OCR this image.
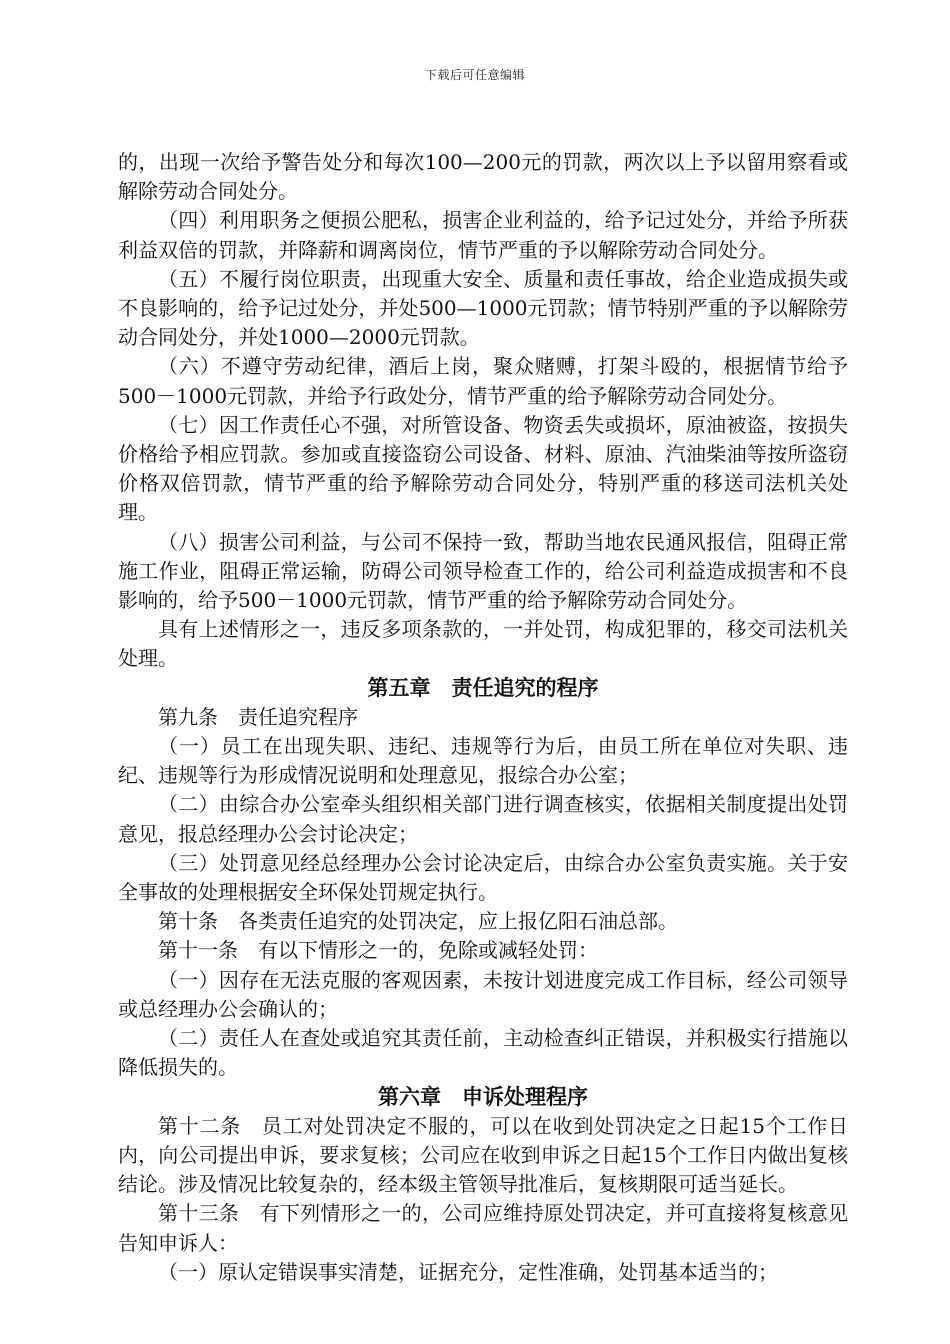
下载后可任意编辑

的，出现一次给予警告处分和每次100—200元的罚款，两次以上予以留用察看或解除劳动合同处分。

（四）利用职务之便损公肥私，损害企业利益的，给予记过处分，并给予所获利益双倍的罚款，并降薪和调离岗位，情节严重的予以解除劳动合同处分。

（五）不履行岗位职责，出现重大安全、质量和责任事故，给企业造成损失或不良影响的，给予记过处分，并处500—1000元罚款；情节特别严重的予以解除劳动合同处分，并处1000—2000元罚款。

（六）不遵守劳动纪律，酒后上岗，聚众赌赙，打架斗殴的，根据情节给予500－1000元罚款，并给予行政处分，情节严重的给予解除劳动合同处分。

（七）因工作责任心不强，对所管设备、物资丢失或损坏，原油被盗，按损失价格给予相应罚款。参加或直接盗窃公司设备、材料、原油、汽油柴油等按所盗窃价格双倍罚款，情节严重的给予解除劳动合同处分，特别严重的移送司法机关处理。

（八）损害公司利益，与公司不保持一致，帮助当地农民通风报信，阻碍正常施工作业，阻碍正常运输，防碍公司领导检查工作的，给公司利益造成损害和不良影响的，给予500－1000元罚款，情节严重的给予解除劳动合同处分。

具有上述情形之一，违反多项条款的，一并处罚，构成犯罪的，移交司法机关处理。

第五章　责任追究的程序

第九条　责任追究程序

（一）员工在出现失职、违纪、违规等行为后，由员工所在单位对失职、违纪、违规等行为形成情况说明和处理意见，报综合办公室；

（二）由综合办公室牵头组织相关部门进行调查核实，依据相关制度提出处罚意见，报总经理办公会讨论决定；

（三）处罚意见经总经理办公会讨论决定后，由综合办公室负责实施。关于安全事故的处理根据安全环保处罚规定执行。

第十条　各类责任追究的处罚决定，应上报亿阳石油总部。

第十一条　有以下情形之一的，免除或减轻处罚：

（一）因存在无法克服的客观因素，未按计划进度完成工作目标，经公司领导或总经理办公会确认的；

（二）责任人在查处或追究其责任前，主动检查纠正错误，并积极实行措施以降低损失的。

第六章　申诉处理程序

第十二条　员工对处罚决定不服的，可以在收到处罚决定之日起15个工作日内，向公司提出申诉，要求复核；公司应在收到申诉之日起15个工作日内做出复核结论。涉及情况比较复杂的，经本级主管领导批准后，复核期限可适当延长。

第十三条　有下列情形之一的，公司应维持原处罚决定，并可直接将复核意见告知申诉人：

（一）原认定错误事实清楚，证据充分，定性准确，处罚基本适当的；
